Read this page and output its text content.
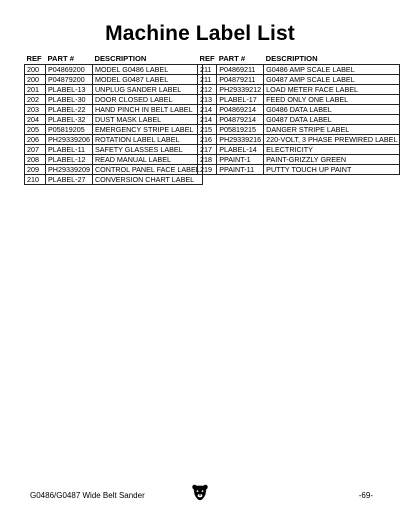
Machine Label List
REF	PART #	DESCRIPTION
200	P04869200	MODEL G0486 LABEL
200	P04879200	MODEL G0487 LABEL
201	PLABEL-13	UNPLUG SANDER LABEL
202	PLABEL-30	DOOR CLOSED LABEL
203	PLABEL-22	HAND PINCH IN BELT LABEL
204	PLABEL-32	DUST MASK LABEL
205	P05819205	EMERGENCY STRIPE LABEL
206	PH29339206	ROTATION LABEL LABEL
207	PLABEL-11	SAFETY GLASSES LABEL
208	PLABEL-12	READ MANUAL LABEL
209	PH29339209	CONTROL PANEL FACE LABEL
210	PLABEL-27	CONVERSION CHART LABEL
REF	PART #	DESCRIPTION
211	P04869211	G0486 AMP SCALE LABEL
211	P04879211	G0487 AMP SCALE LABEL
212	PH29339212	LOAD METER FACE LABEL
213	PLABEL-17	FEED ONLY ONE LABEL
214	P04869214	G0486 DATA LABEL
214	P04879214	G0487 DATA LABEL
215	P05819215	DANGER STRIPE LABEL
216	PH29339216	220-VOLT, 3 PHASE PREWIRED LABEL
217	PLABEL-14	ELECTRICITY
218	PPAINT-1	PAINT-GRIZZLY GREEN
219	PPAINT-11	PUTTY TOUCH UP PAINT
G0486/G0487 Wide Belt Sander	-69-
